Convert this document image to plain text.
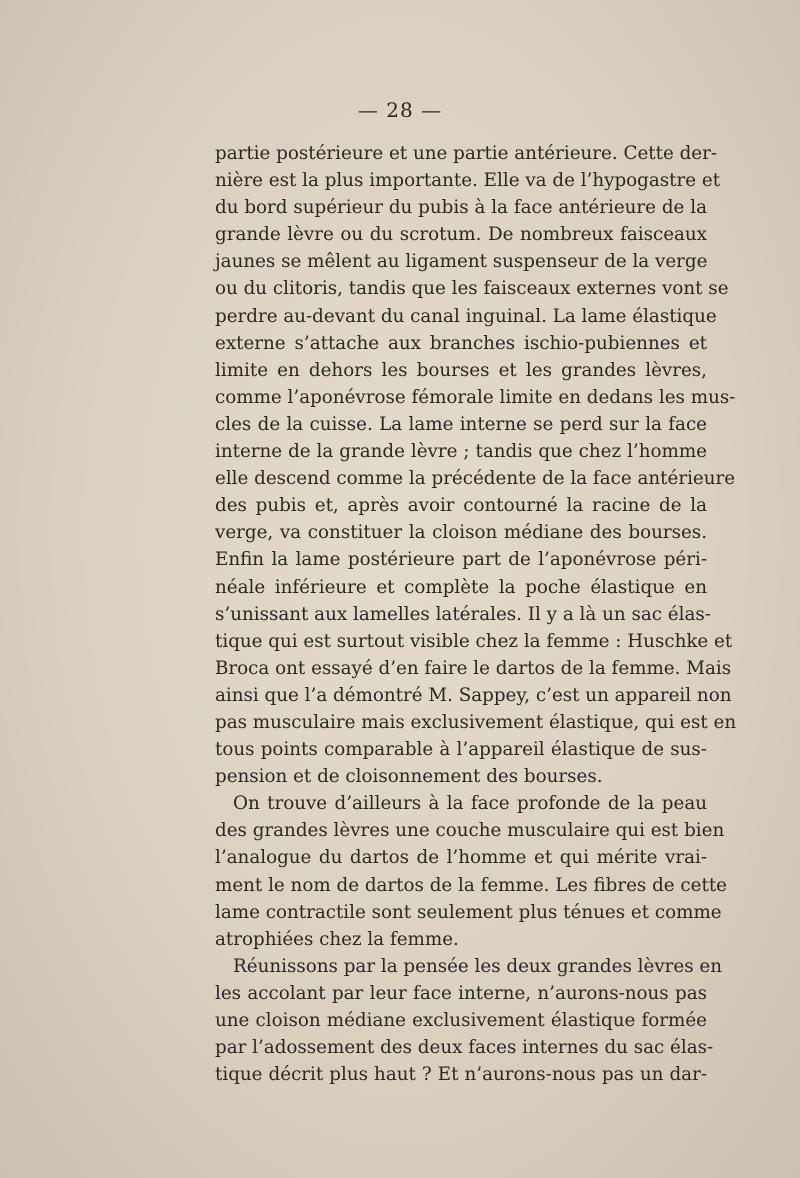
— 28 —
partie postérieure et une partie antérieure. Cette der-
nière est la plus importante. Elle va de l’hypogastre et
du bord supérieur du pubis à la face antérieure de la
grande lèvre ou du scrotum. De nombreux faisceaux
jaunes se mêlent au ligament suspenseur de la verge
ou du clitoris, tandis que les faisceaux externes vont se
perdre au-devant du canal inguinal. La lame élastique
externe s’attache aux branches ischio-pubiennes et
limite en dehors les bourses et les grandes lèvres,
comme l’aponévrose fémorale limite en dedans les mus-
cles de la cuisse. La lame interne se perd sur la face
interne de la grande lèvre ; tandis que chez l’homme
elle descend comme la précédente de la face antérieure
des pubis et, après avoir contourné la racine de la
verge, va constituer la cloison médiane des bourses.
Enfin la lame postérieure part de l’aponévrose péri-
néale inférieure et complète la poche élastique en
s’unissant aux lamelles latérales. Il y a là un sac élas-
tique qui est surtout visible chez la femme : Huschke et
Broca ont essayé d’en faire le dartos de la femme. Mais
ainsi que l’a démontré M. Sappey, c’est un appareil non
pas musculaire mais exclusivement élastique, qui est en
tous points comparable à l’appareil élastique de sus-
pension et de cloisonnement des bourses.
On trouve d’ailleurs à la face profonde de la peau
des grandes lèvres une couche musculaire qui est bien
l’analogue du dartos de l’homme et qui mérite vrai-
ment le nom de dartos de la femme. Les fibres de cette
lame contractile sont seulement plus ténues et comme
atrophiées chez la femme.
Réunissons par la pensée les deux grandes lèvres en
les accolant par leur face interne, n’aurons-nous pas
une cloison médiane exclusivement élastique formée
par l’adossement des deux faces internes du sac élas-
tique décrit plus haut ? Et n’aurons-nous pas un dar-
